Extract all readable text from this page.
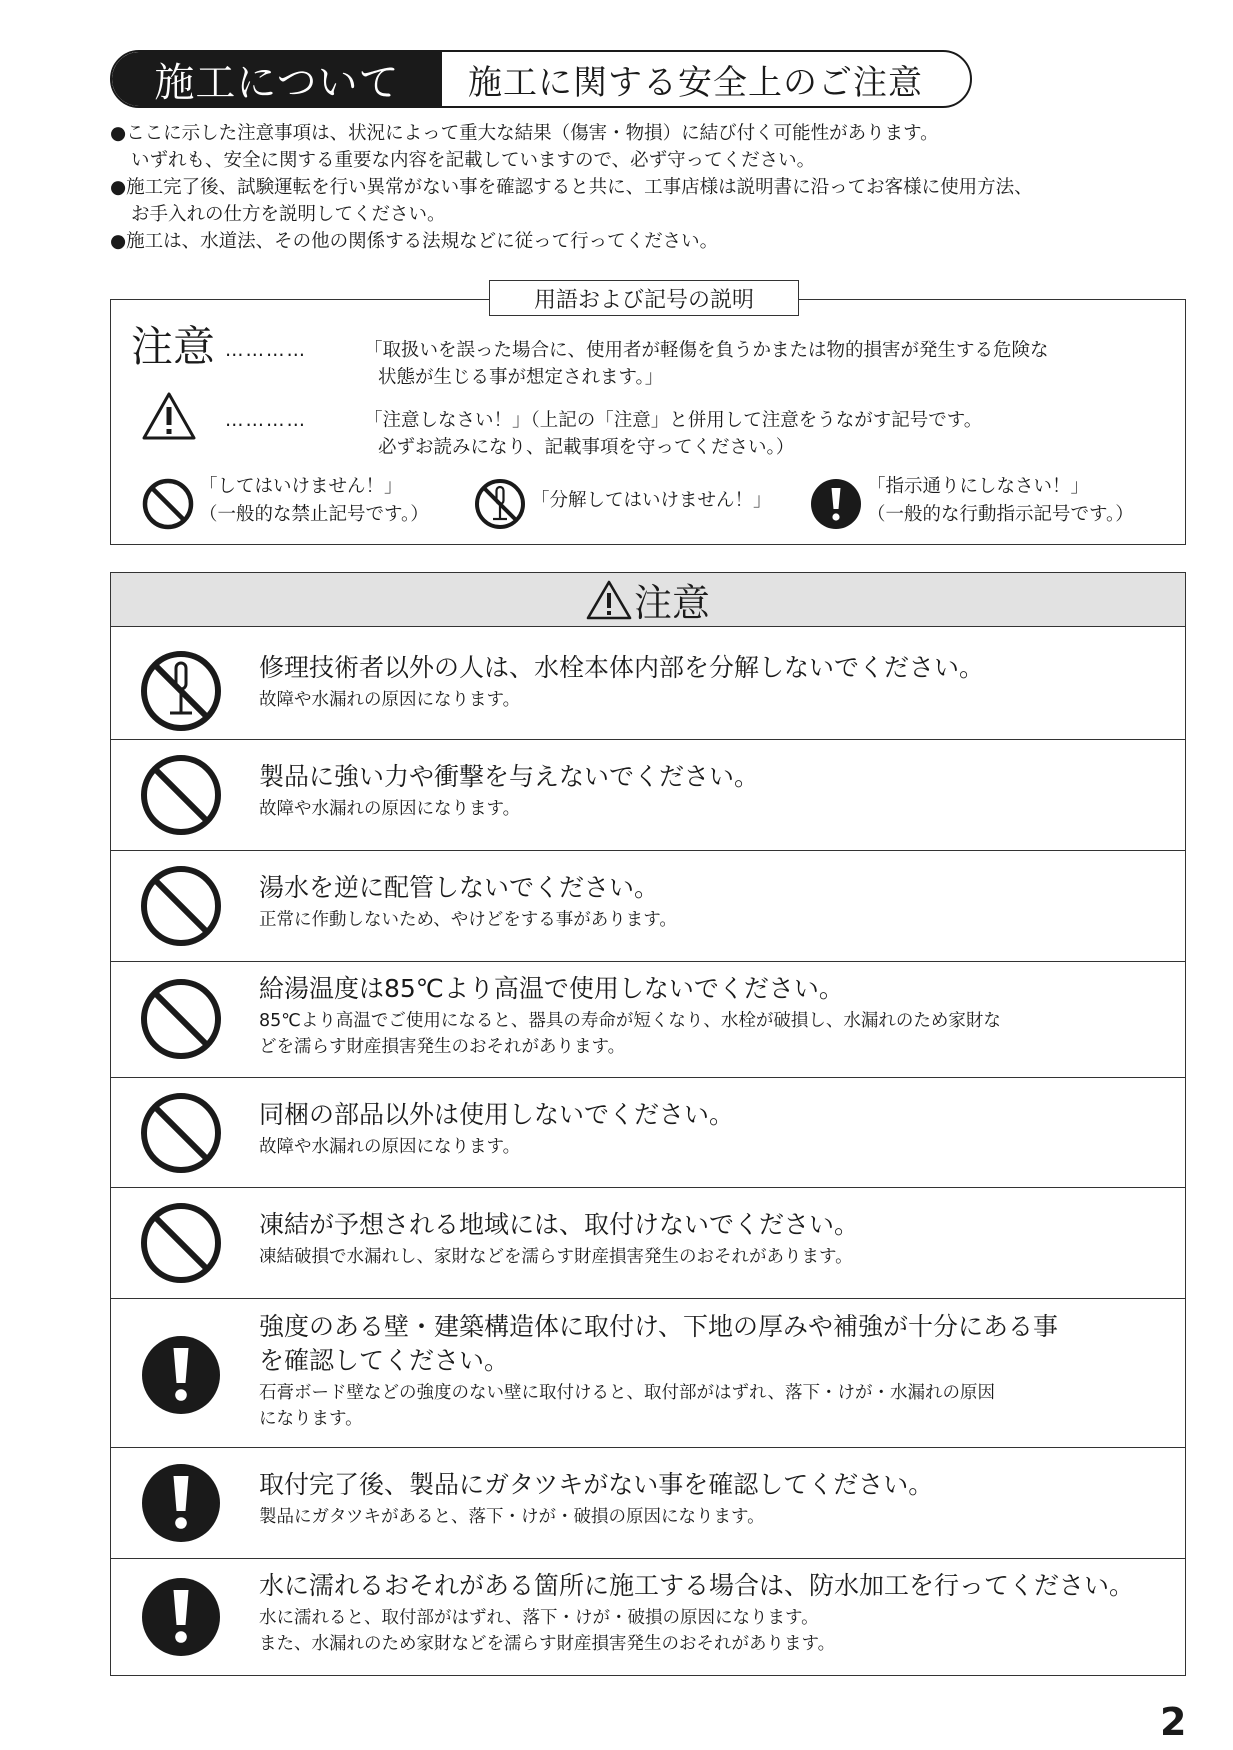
施工について	施工に関する安全上のご注意
●ここに示した注意事項は、状況によって重大な結果（傷害・物損）に結び付く可能性があります。
いずれも、安全に関する重要な内容を記載していますので、必ず守ってください。
●施工完了後、試験運転を行い異常がない事を確認すると共に、工事店様は説明書に沿ってお客様に使用方法、
お手入れの仕方を説明してください。
●施工は、水道法、その他の関係する法規などに従って行ってください。
用語および記号の説明
注意 …………	「取扱いを誤った場合に、使用者が軽傷を負うかまたは物的損害が発生する危険な
状態が生じる事が想定されます。」
…………	「注意しなさい！」（上記の「注意」と併用して注意をうながす記号です。
必ずお読みになり、記載事項を守ってください。）
「してはいけません！」
（一般的な禁止記号です。）
「分解してはいけません！」
「指示通りにしなさい！」
（一般的な行動指示記号です。）
注意
修理技術者以外の人は、水栓本体内部を分解しないでください。
故障や水漏れの原因になります。
製品に強い力や衝撃を与えないでください。
故障や水漏れの原因になります。
湯水を逆に配管しないでください。
正常に作動しないため、やけどをする事があります。
給湯温度は85℃より高温で使用しないでください。
85℃より高温でご使用になると、器具の寿命が短くなり、水栓が破損し、水漏れのため家財な
どを濡らす財産損害発生のおそれがあります。
同梱の部品以外は使用しないでください。
故障や水漏れの原因になります。
凍結が予想される地域には、取付けないでください。
凍結破損で水漏れし、家財などを濡らす財産損害発生のおそれがあります。
強度のある壁・建築構造体に取付け、下地の厚みや補強が十分にある事
を確認してください。
石膏ボード壁などの強度のない壁に取付けると、取付部がはずれ、落下・けが・水漏れの原因
になります。
取付完了後、製品にガタツキがない事を確認してください。
製品にガタツキがあると、落下・けが・破損の原因になります。
水に濡れるおそれがある箇所に施工する場合は、防水加工を行ってください。
水に濡れると、取付部がはずれ、落下・けが・破損の原因になります。
また、水漏れのため家財などを濡らす財産損害発生のおそれがあります。
2
